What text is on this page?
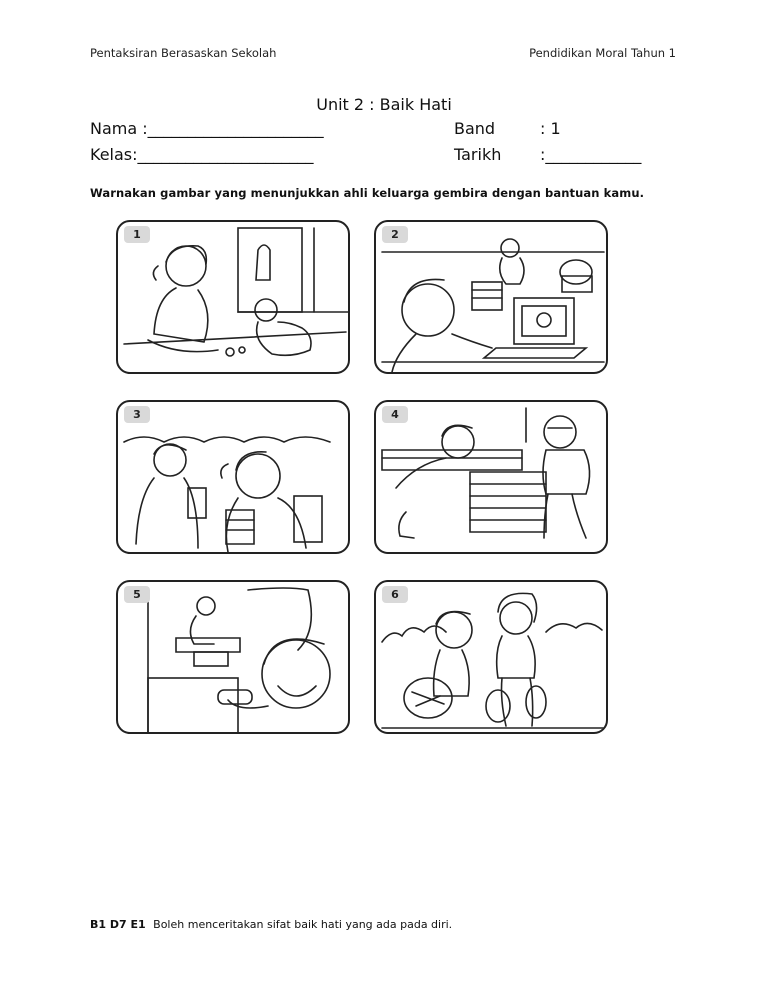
Pentaksiran Berasaskan Sekolah	Pendidikan Moral Tahun 1
Unit 2 : Baik Hati
Nama :______________________	Band	: 1
Kelas:______________________	Tarikh :____________
Warnakan gambar yang menunjukkan ahli keluarga gembira dengan bantuan kamu.
1	2
3	4
5	6
B1 D7 E1 Boleh menceritakan sifat baik hati yang ada pada diri.
